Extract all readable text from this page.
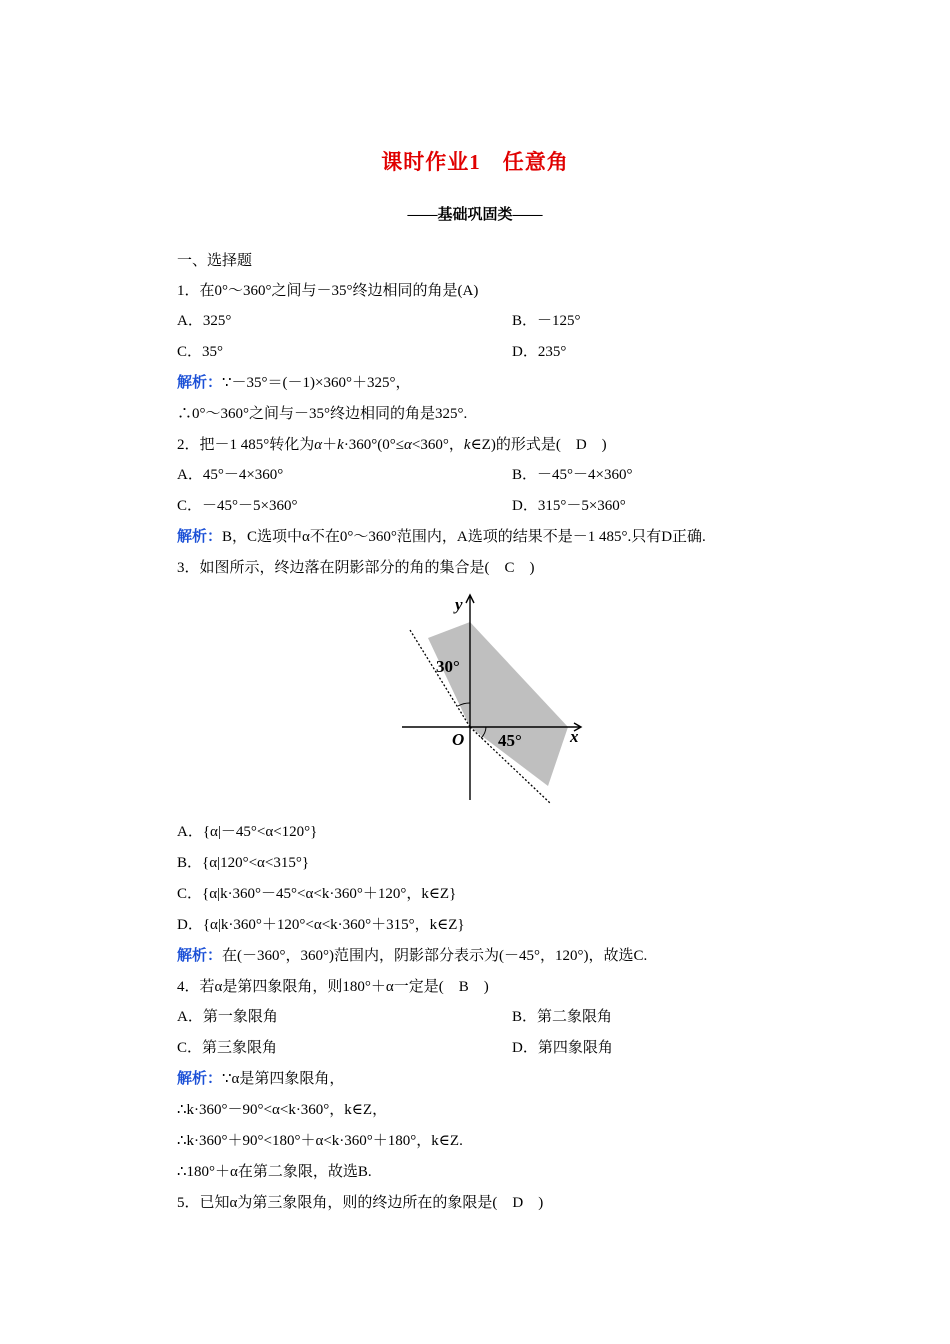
课时作业1　任意角
——基础巩固类——
一、选择题
1．在0°～360°之间与－35°终边相同的角是(A)
A．325°	B．－125°
C．35°	D．235°
解析：∵－35°＝(－1)×360°＋325°，
∴0°～360°之间与－35°终边相同的角是325°.
2．把－1 485°转化为α＋k·360°(0°≤α<360°，k∈Z)的形式是(　D　)
A．45°－4×360°	B．－45°－4×360°
C．－45°－5×360°	D．315°－5×360°
解析：B，C选项中α不在0°～360°范围内，A选项的结果不是－1 485°.只有D正确.
3．如图所示，终边落在阴影部分的角的集合是(　C　)
y
x
O
30°
45°
A．{α|－45°<α<120°}
B．{α|120°<α<315°}
C．{α|k·360°－45°<α<k·360°＋120°，k∈Z}
D．{α|k·360°＋120°<α<k·360°＋315°，k∈Z}
解析：在(－360°，360°)范围内，阴影部分表示为(－45°，120°)，故选C.
4．若α是第四象限角，则180°＋α一定是(　B　)
A．第一象限角	B．第二象限角
C．第三象限角	D．第四象限角
解析：∵α是第四象限角，
∴k·360°－90°<α<k·360°，k∈Z，
∴k·360°＋90°<180°＋α<k·360°＋180°，k∈Z.
∴180°＋α在第二象限，故选B.
5．已知α为第三象限角，则的终边所在的象限是(　D　)
